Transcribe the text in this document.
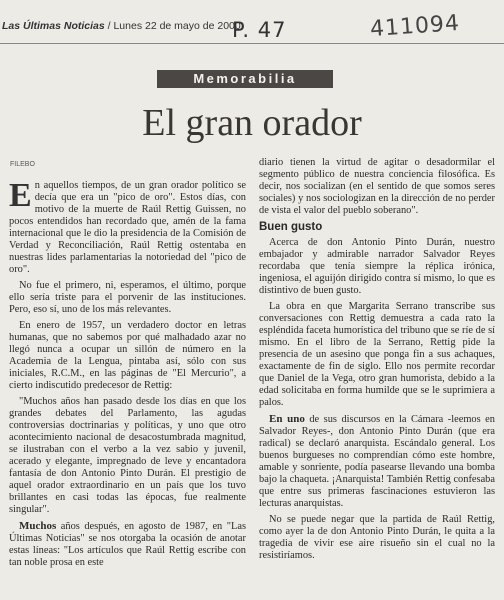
Las Últimas Noticias / Lunes 22 de mayo de 2000
P. 47	411094
Memorabilia
El gran orador
FILEBO

En aquellos tiempos, de un gran orador político se decía que era un "pico de oro". Estos días, con motivo de la muerte de Raúl Rettig Guissen, no pocos entendidos han recordado que, amén de la fama internacional que le dio la presidencia de la Comisión de Verdad y Reconciliación, Raúl Rettig ostentaba en nuestras lides parlamentarias la notoriedad del "pico de oro".

No fue el primero, ni, esperamos, el último, porque ello sería triste para el porvenir de las instituciones. Pero, eso sí, uno de los más relevantes.

En enero de 1957, un verdadero doctor en letras humanas, que no sabemos por qué malhadado azar no llegó nunca a ocupar un sillón de número en la Academia de la Lengua, pintaba así, sólo con sus iniciales, R.C.M., en las páginas de "El Mercurio", a cierto indiscutido predecesor de Rettig:

"Muchos años han pasado desde los días en que los grandes debates del Parlamento, las agudas controversias doctrinarias y políticas, y uno que otro acontecimiento nacional de desacostumbrada magnitud, se ilustraban con el verbo a la vez sabio y juvenil, acerado y elegante, impregnado de leve y encantadora fantasía de don Antonio Pinto Durán. El prestigio de aquel orador extraordinario en un país que los tuvo brillantes en casi todas las épocas, fue realmente singular".

Muchos años después, en agosto de 1987, en "Las Últimas Noticias" se nos otorgaba la ocasión de anotar estas líneas: "Los artículos que Raúl Rettig escribe con tan noble prosa en este

diario tienen la virtud de agitar o desadormilar el segmento público de nuestra conciencia filosófica. Es decir, nos socializan (en el sentido de que somos seres sociales) y nos sociologizan en la dirección de no perder de vista el valor del pueblo soberano".

Buen gusto

Acerca de don Antonio Pinto Durán, nuestro embajador y admirable narrador Salvador Reyes recordaba que tenía siempre la réplica irónica, ingeniosa, el aguijón dirigido contra sí mismo, lo que es distintivo de buen gusto.

La obra en que Margarita Serrano transcribe sus conversaciones con Rettig demuestra a cada rato la espléndida faceta humorística del tribuno que se ríe de sí mismo. En el libro de la Serrano, Rettig pide la presencia de un asesino que ponga fin a sus achaques, exactamente de fin de siglo. Ello nos permite recordar que Daniel de la Vega, otro gran humorista, debido a la edad solicitaba en forma humilde que se le suprimiera a palos.

En uno de sus discursos en la Cámara -leemos en Salvador Reyes-, don Antonio Pinto Durán (que era radical) se declaró anarquista. Escándalo general. Los buenos burgueses no comprendían cómo este hombre, amable y sonriente, podía pasearse llevando una bomba bajo la chaqueta. ¡Anarquista! También Rettig confesaba que entre sus primeras fascinaciones estuvieron las lecturas anarquistas.

No se puede negar que la partida de Raúl Rettig, como ayer la de don Antonio Pinto Durán, le quita a la tragedia de vivir ese aire risueño sin el cual no la resistiríamos.
